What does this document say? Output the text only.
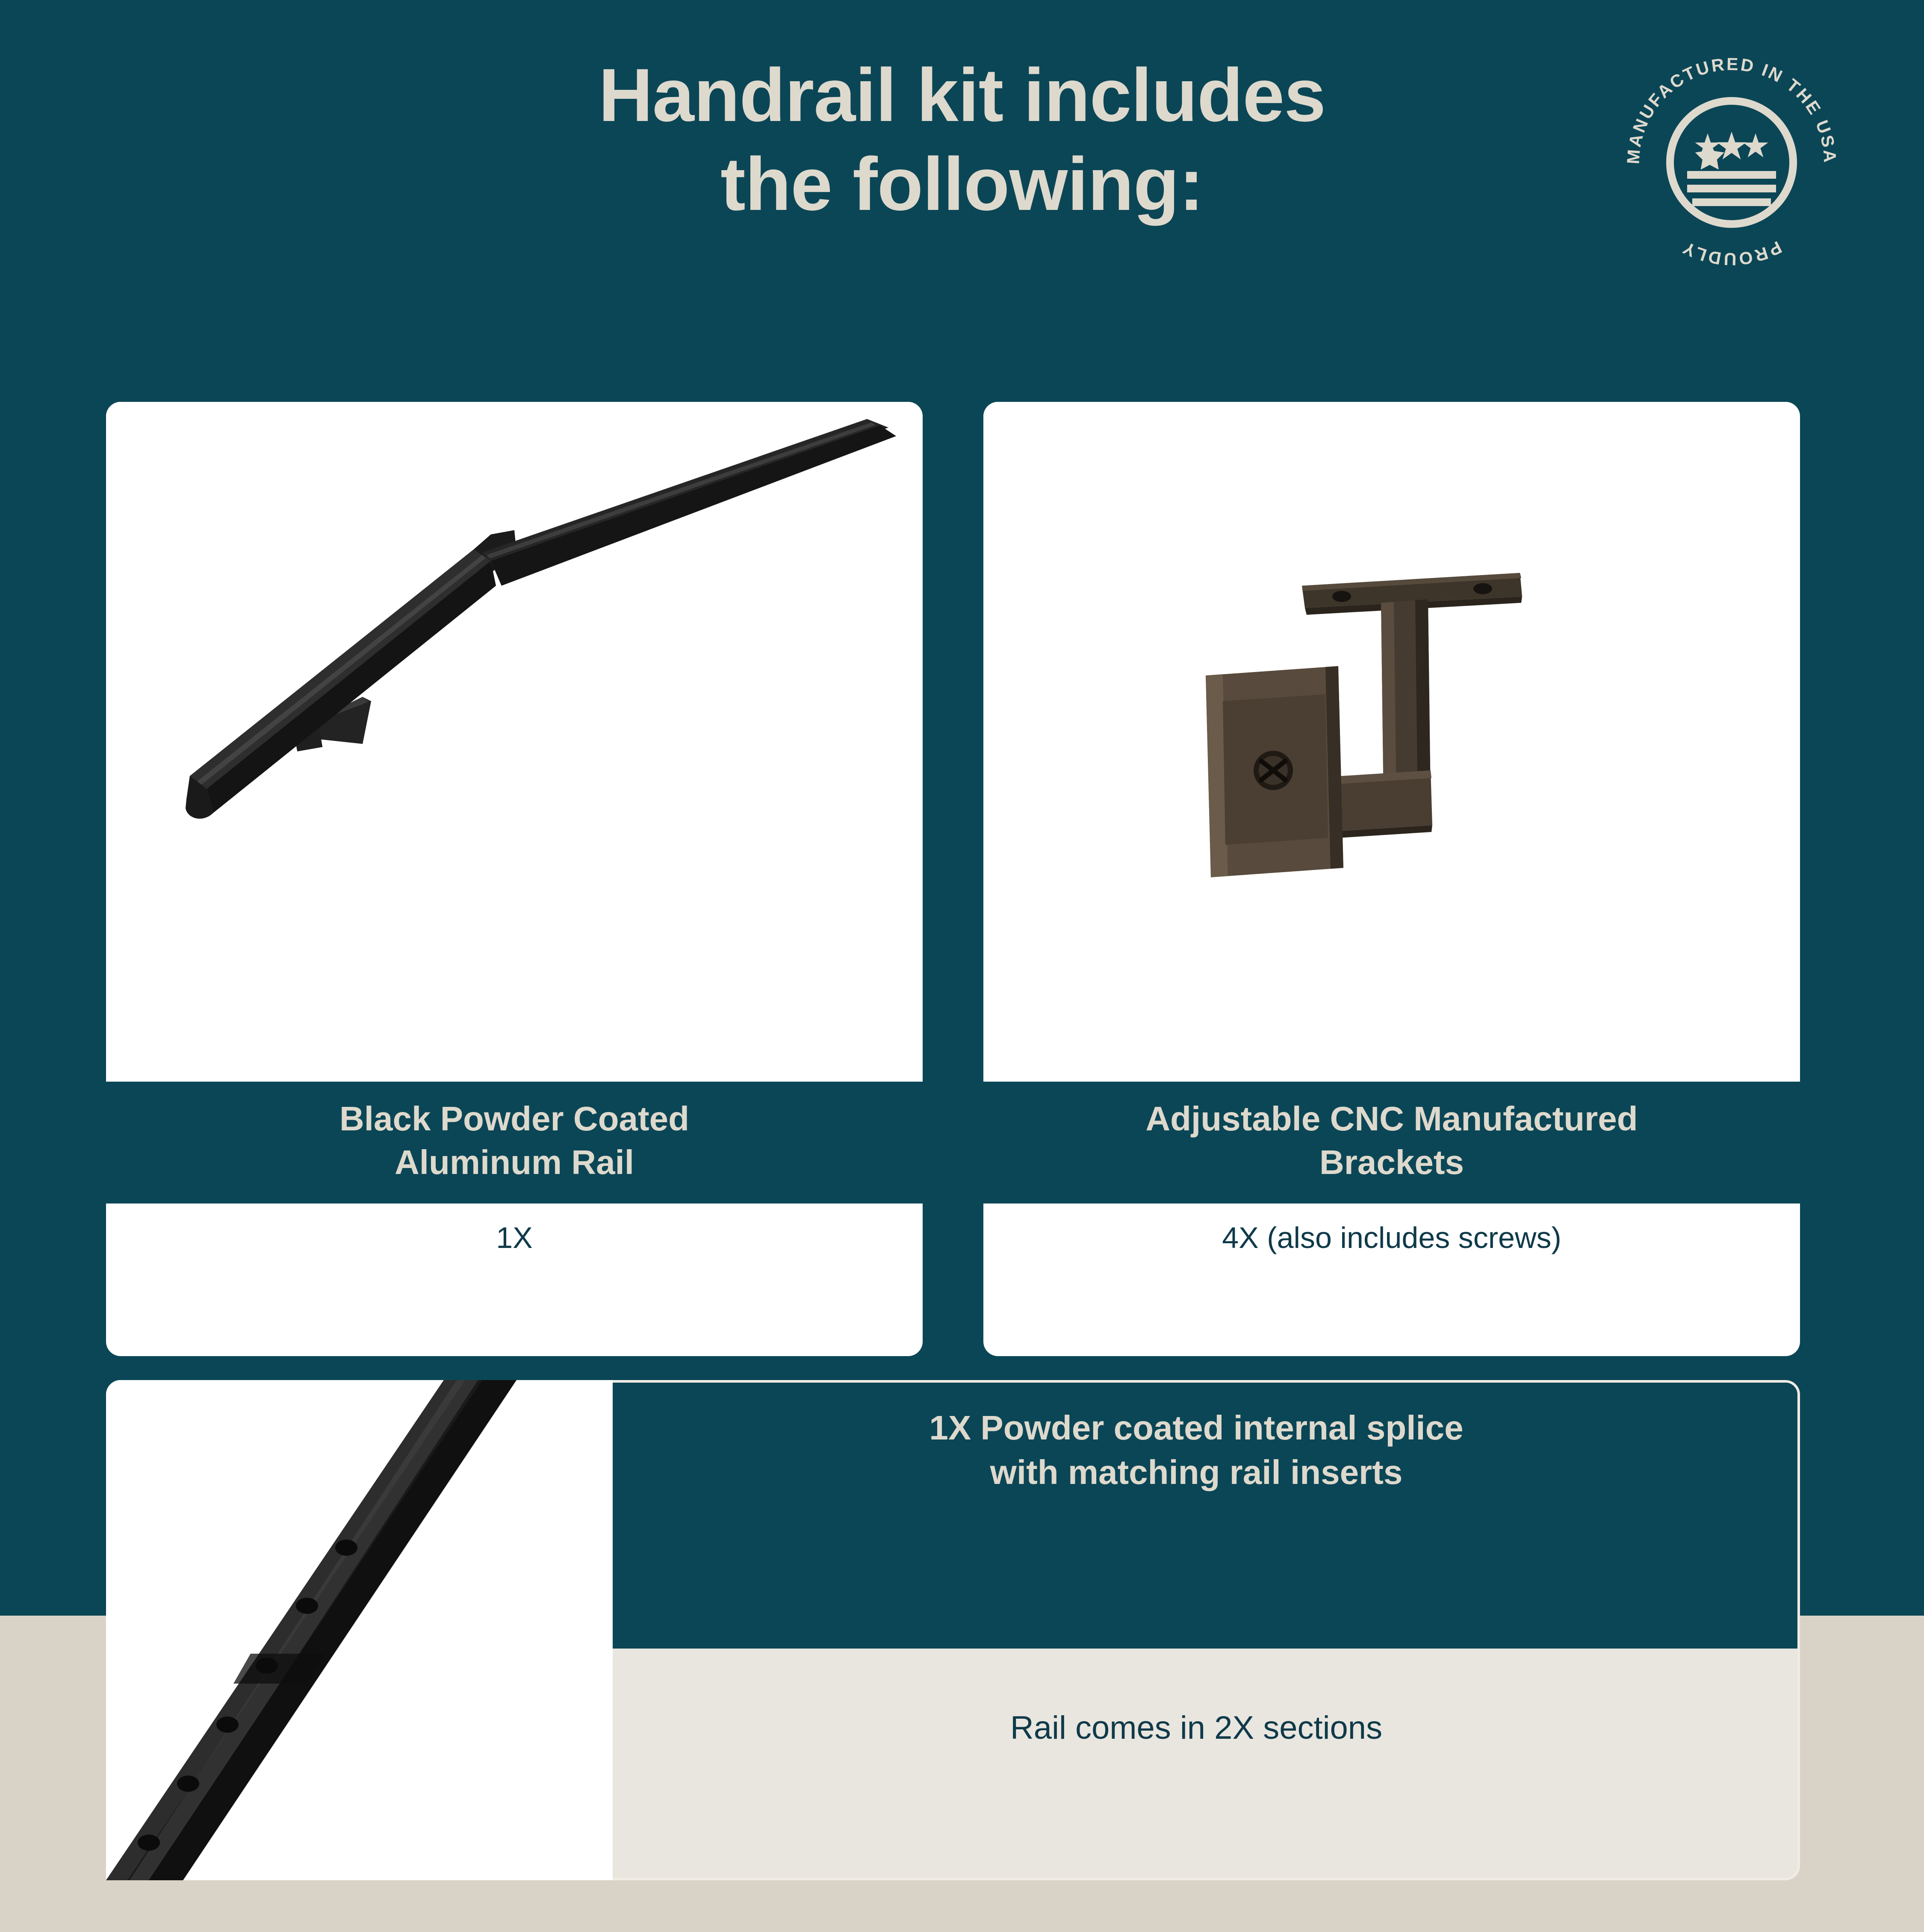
Handrail kit includes
the following:	MANUFACTURED IN THE USA
PROUDLY
Black Powder Coated
Aluminum Rail
1X
Adjustable CNC Manufactured
Brackets
4X (also includes screws)
1X Powder coated internal splice
with matching rail inserts
Rail comes in 2X sections
